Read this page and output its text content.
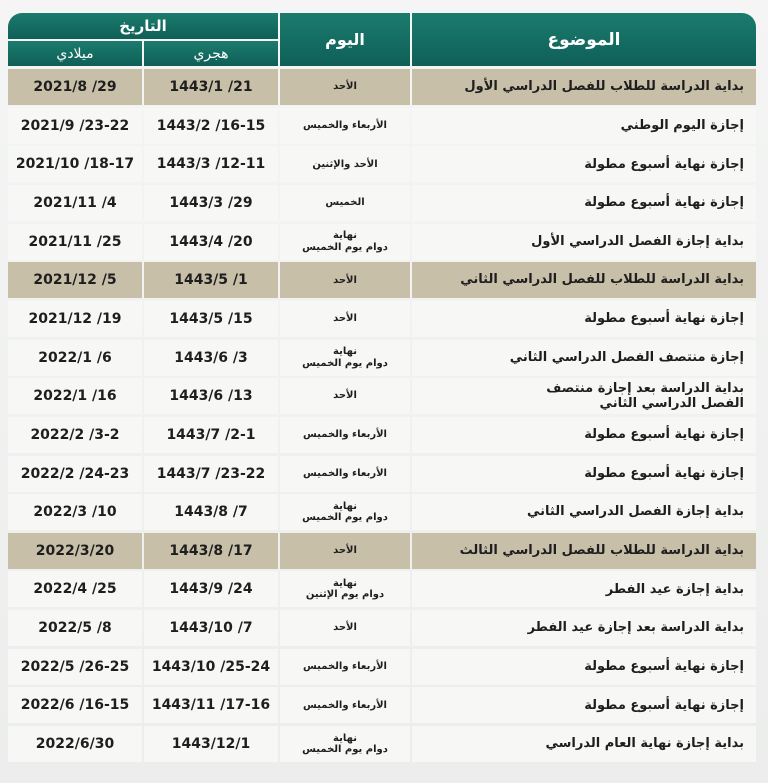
الموضوع
اليوم
التاريخ
هجري
ميلادي
بداية الدراسة للطلاب للفصل الدراسي الأول
الأحد
1443/1 /21
2021/8 /29
إجازة اليوم الوطني
الأربعاء والخميس
1443/2 /16-15
2021/9 /23-22
إجازة نهاية أسبوع مطولة
الأحد والإثنين
1443/3 /12-11
2021/10 /18-17
إجازة نهاية أسبوع مطولة
الخميس
1443/3 /29
2021/11 /4
بداية إجازة الفصل الدراسي الأول
نهاية
دوام يوم الخميس
1443/4 /20
2021/11 /25
بداية الدراسة للطلاب للفصل الدراسي الثاني
الأحد
1443/5 /1
2021/12 /5
إجازة نهاية أسبوع مطولة
الأحد
1443/5 /15
2021/12 /19
إجازة منتصف الفصل الدراسي الثاني
نهاية
دوام يوم الخميس
1443/6 /3
2022/1 /6
بداية الدراسة بعد إجازة منتصف
الفصل الدراسي الثاني
الأحد
1443/6 /13
2022/1 /16
إجازة نهاية أسبوع مطولة
الأربعاء والخميس
1443/7 /2-1
2022/2 /3-2
إجازة نهاية أسبوع مطولة
الأربعاء والخميس
1443/7 /23-22
2022/2 /24-23
بداية إجازة الفصل الدراسي الثاني
نهاية
دوام يوم الخميس
1443/8 /7
2022/3 /10
بداية الدراسة للطلاب للفصل الدراسي الثالث
الأحد
1443/8 /17
2022/3/20
بداية إجازة عيد الفطر
نهاية
دوام يوم الإثنين
1443/9 /24
2022/4 /25
بداية الدراسة بعد إجازة عيد الفطر
الأحد
1443/10 /7
2022/5 /8
إجازة نهاية أسبوع مطولة
الأربعاء والخميس
1443/10 /25-24
2022/5 /26-25
إجازة نهاية أسبوع مطولة
الأربعاء والخميس
1443/11 /17-16
2022/6 /16-15
بداية إجازة نهاية العام الدراسي
نهاية
دوام يوم الخميس
1443/12/1
2022/6/30
